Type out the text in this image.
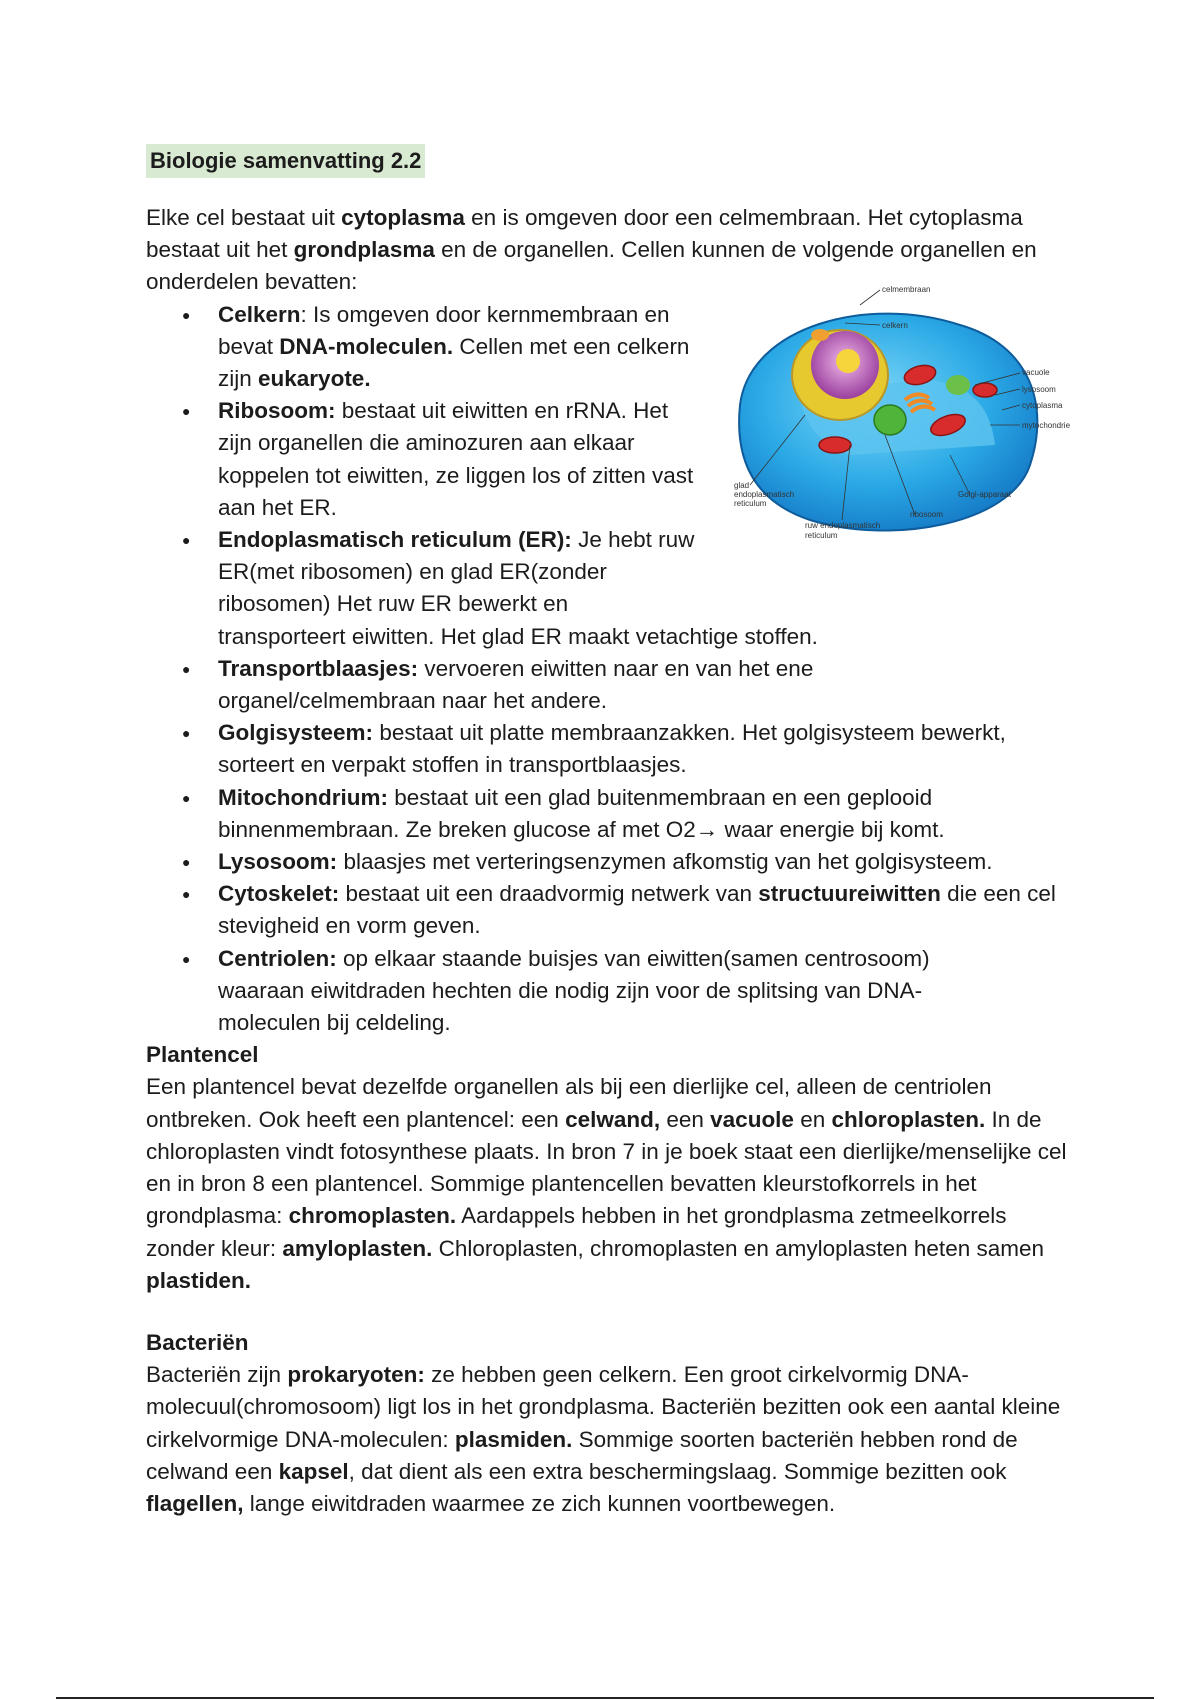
Biologie samenvatting 2.2

Elke cel bestaat uit cytoplasma en is omgeven door een celmembraan. Het cytoplasma bestaat uit het grondplasma en de organellen. Cellen kunnen de volgende organellen en onderdelen bevatten:

● Celkern: Is omgeven door kernmembraan en bevat DNA-moleculen. Cellen met een celkern zijn eukaryote.
● Ribosoom: bestaat uit eiwitten en rRNA. Het zijn organellen die aminozuren aan elkaar koppelen tot eiwitten, ze liggen los of zitten vast aan het ER.
● Endoplasmatisch reticulum (ER): Je hebt ruw ER(met ribosomen) en glad ER(zonder ribosomen) Het ruw ER bewerkt en
transporteert eiwitten. Het glad ER maakt vetachtige stoffen.
● Transportblaasjes: vervoeren eiwitten naar en van het ene organel/celmembraan naar het andere.
● Golgisysteem: bestaat uit platte membraanzakken. Het golgisysteem bewerkt, sorteert en verpakt stoffen in transportblaasjes.
● Mitochondrium: bestaat uit een glad buitenmembraan en een geplooid binnenmembraan. Ze breken glucose af met O2→ waar energie bij komt.
● Lysosoom: blaasjes met verteringsenzymen afkomstig van het golgisysteem.
● Cytoskelet: bestaat uit een draadvormig netwerk van structuureiwitten die een cel stevigheid en vorm geven.
● Centriolen: op elkaar staande buisjes van eiwitten(samen centrosoom) waaraan eiwitdraden hechten die nodig zijn voor de splitsing van DNA-moleculen bij celdeling.
Plantencel

Een plantencel bevat dezelfde organellen als bij een dierlijke cel, alleen de centriolen ontbreken. Ook heeft een plantencel: een celwand, een vacuole en chloroplasten. In de chloroplasten vindt fotosynthese plaats. In bron 7 in je boek staat een dierlijke/menselijke cel en in bron 8 een plantencel. Sommige plantencellen bevatten kleurstofkorrels in het grondplasma: chromoplasten. Aardappels hebben in het grondplasma zetmeelkorrels zonder kleur: amyloplasten. Chloroplasten, chromoplasten en amyloplasten heten samen plastiden.

Bacteriën

Bacteriën zijn prokaryoten: ze hebben geen celkern. Een groot cirkelvormig DNA-molecuul(chromosoom) ligt los in het grondplasma. Bacteriën bezitten ook een aantal kleine cirkelvormige DNA-moleculen: plasmiden. Sommige soorten bacteriën hebben rond de celwand een kapsel, dat dient als een extra beschermingslaag. Sommige bezitten ook flagellen, lange eiwitdraden waarmee ze zich kunnen voortbewegen.

celmembraan
celkern
vacuole
lysosoom
cytoplasma
mytochondrie
glad
endoplasmatisch
reticulum
Golgi-apparaat
ribosoom
ruw endoplasmatisch
reticulum
